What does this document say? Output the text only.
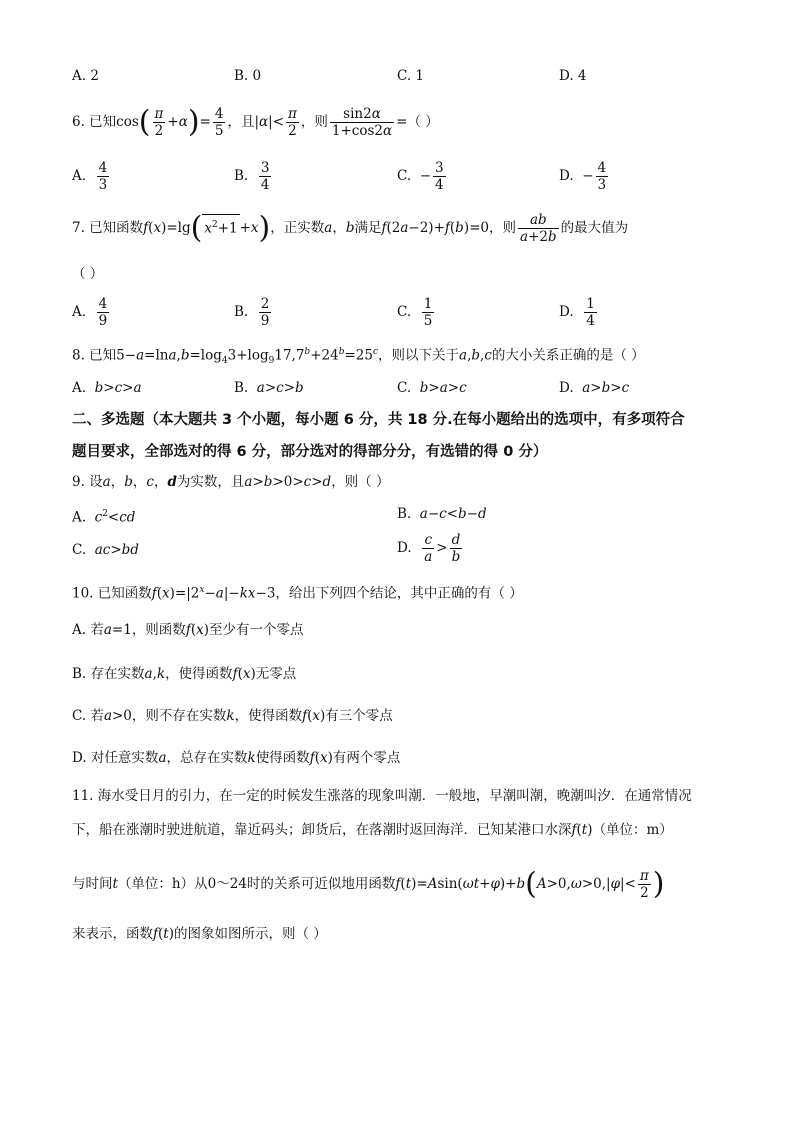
A. 2	B. 0	C. 1	D. 4
6. 已知$\cos( \frac{\pi}{2} +\alpha)= \frac{4}{5}$ ，且$|\alpha|< \frac{\pi}{2}$ ，则 $\frac{\sin 2\alpha}{1+\cos 2\alpha}$ =（ ）
A. $\frac{4}{3}$	B. $\frac{3}{4}$	C.  − $\frac{3}{4}$	D.  − $\frac{4}{3}$
7. 已知函数f(x)=lg( $x^2+1 +x$)，正实数a，b满足f(2a−2)+f(b)=0，则 $\frac{ab}{a+2b}$ 的最大值为
（ ）
A. $\frac{4}{9}$	B. $\frac{2}{9}$	C. $\frac{1}{5}$	D. $\frac{1}{4}$
8. 已知$5-a=\ln a,b=\log_43+\log_917,7^b+24^b=25^c$，则以下关于a,b,c的大小关系正确的是（ ）
A.  b>c>a	B.  a>c>b	C.  b>a>c	D.  a>b>c
二、多选题（本大题共 3 个小题，每小题 6 分，共 18 分.在每小题给出的选项中，有多项符合
题目要求，全部选对的得 6 分，部分选对的得部分分，有选错的得 0 分）
9. 设a，b，c，d为实数，且a>b>0>c>d，则（ ）
A.  $c^2<cd$	B.  a−c<b−d
C.  ac>bd	D. $\frac{c}{a} > \frac{d}{b}$
10. 已知函数$f(x)=|2^x-a|-kx-3$，给出下列四个结论，其中正确的有（ ）
A. 若a=1，则函数f(x)至少有一个零点
B. 存在实数a,k，使得函数f(x)无零点
C. 若a>0，则不存在实数k，使得函数f(x)有三个零点
D. 对任意实数a，总存在实数k使得函数f(x)有两个零点
11. 海水受日月的引力，在一定的时候发生涨落的现象叫潮．一般地，早潮叫潮，晚潮叫汐．在通常情况
下，船在涨潮时驶进航道，靠近码头；卸货后，在落潮时返回海洋．已知某港口水深f(t)（单位：m）
与时间t（单位：h）从0～24时的关系可近似地用函数$f(t)=Asin(\omega t+\varphi)+b(A>0,\omega>0,|\varphi|< \frac{\pi}{2}$ )
来表示，函数f(t)的图象如图所示，则（ ）
